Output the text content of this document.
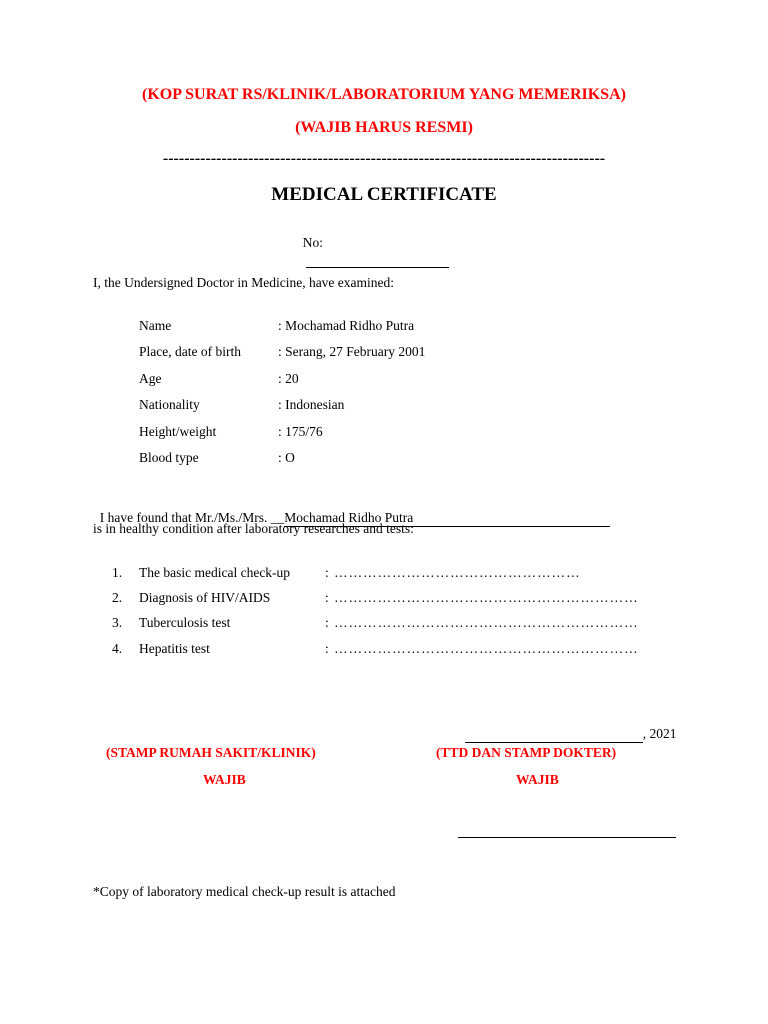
(KOP SURAT RS/KLINIK/LABORATORIUM YANG MEMERIKSA)
(WAJIB HARUS RESMI)
-----------------------------------------------------------------------------------
MEDICAL CERTIFICATE

No:

I, the Undersigned Doctor in Medicine, have examined:
Name	: Mochamad Ridho Putra
Place, date of birth	: Serang, 27 February 2001
Age	: 20
Nationality	: Indonesian
Height/weight	: 175/76
Blood type	: O

I have found that Mr./Ms./Mrs. __Mochamad Ridho Putra

is in healthy condition after laboratory researches and tests:
1. The basic medical check-up	: ……………………………………………
2. Diagnosis of HIV/AIDS	: ………………………………………………………
3. Tuberculosis test	: ………………………………………………………
4. Hepatitis test	: ………………………………………………………

, 2021

(STAMP RUMAH SAKIT/KLINIK)
WAJIB
(TTD DAN STAMP DOKTER)
WAJIB
*Copy of laboratory medical check-up result is attached
